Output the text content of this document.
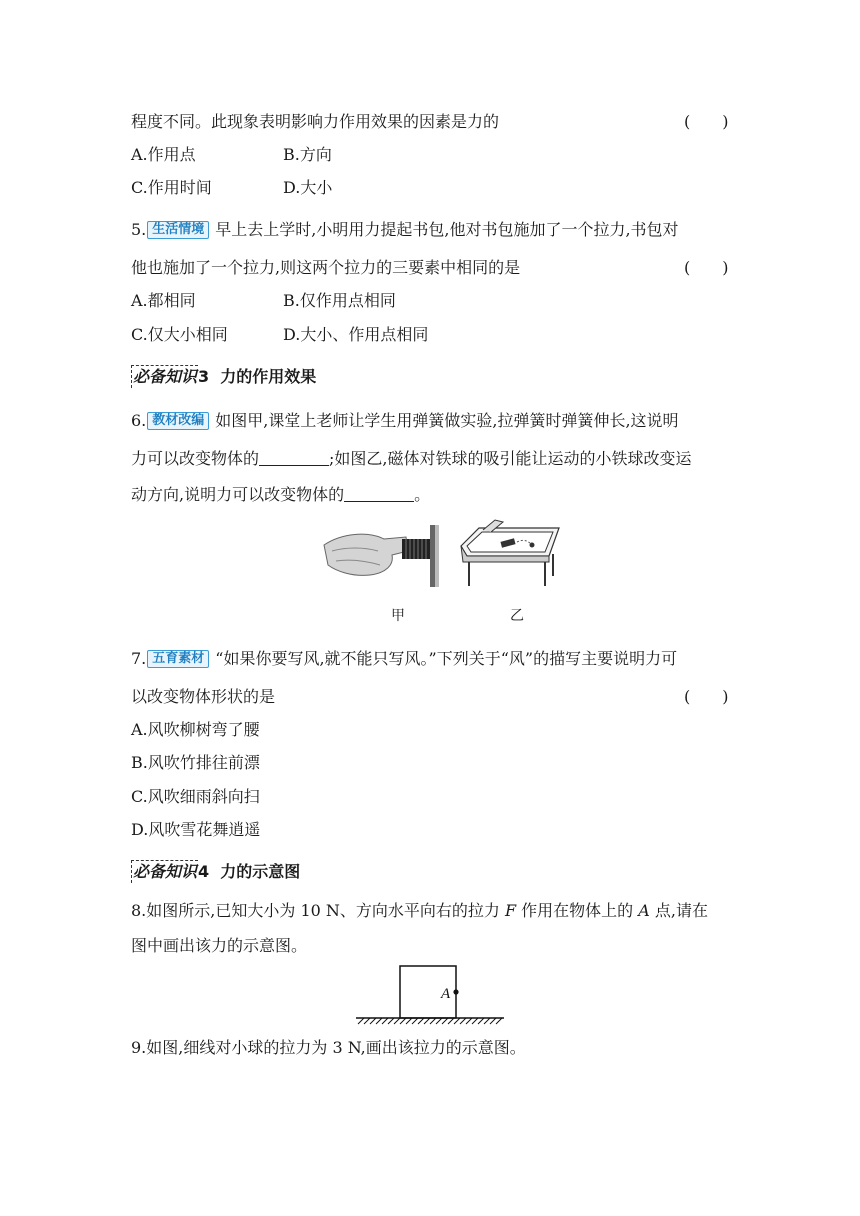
程度不同。此现象表明影响力作用效果的因素是力的	(　　)
A.作用点	B.方向
C.作用时间	D.大小
5. 生活情境 早上去上学时,小明用力提起书包,他对书包施加了一个拉力,书包对
他也施加了一个拉力,则这两个拉力的三要素中相同的是	(　　)
A.都相同	B.仅作用点相同
C.仅大小相同	D.大小、作用点相同
必备知识3 力的作用效果
6. 教材改编 如图甲,课堂上老师让学生用弹簧做实验,拉弹簧时弹簧伸长,这说明
力可以改变物体的	;如图乙,磁体对铁球的吸引能让运动的小铁球改变运
动方向,说明力可以改变物体的	。
甲	乙
7. 五育素材 “如果你要写风,就不能只写风。”下列关于“风”的描写主要说明力可
以改变物体形状的是	(　　)
A.风吹柳树弯了腰
B.风吹竹排往前漂
C.风吹细雨斜向扫
D.风吹雪花舞逍遥
必备知识4 力的示意图
8.如图所示,已知大小为 10 N、方向水平向右的拉力 F 作用在物体上的 A 点,请在
图中画出该力的示意图。
A
9.如图,细线对小球的拉力为 3 N,画出该拉力的示意图。
